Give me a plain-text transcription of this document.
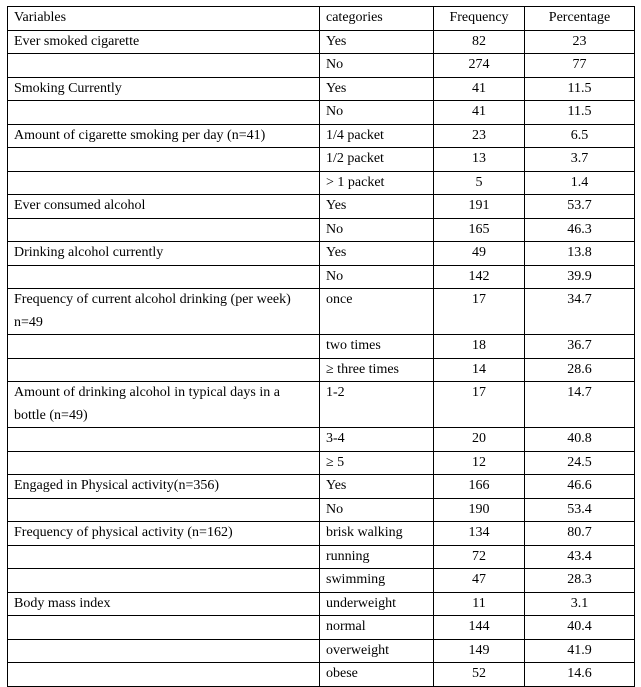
Variables	categories	Frequency	Percentage
Ever smoked cigarette	Yes	82	23
	No	274	77
Smoking Currently	Yes	41	11.5
	No	41	11.5
Amount of cigarette smoking per day (n=41)	1/4 packet	23	6.5
	1/2 packet	13	3.7
	> 1 packet	5	1.4
Ever consumed alcohol	Yes	191	53.7
	No	165	46.3
Drinking alcohol currently	Yes	49	13.8
	No	142	39.9
Frequency of current alcohol drinking (per week) n=49	once	17	34.7
	two times	18	36.7
	≥ three times	14	28.6
Amount of drinking alcohol in typical days in a bottle (n=49)	1-2	17	14.7
	3-4	20	40.8
	≥ 5	12	24.5
Engaged in Physical activity(n=356)	Yes	166	46.6
	No	190	53.4
Frequency of physical activity (n=162)	brisk walking	134	80.7
	running	72	43.4
	swimming	47	28.3
Body mass index	underweight	11	3.1
	normal	144	40.4
	overweight	149	41.9
	obese	52	14.6
